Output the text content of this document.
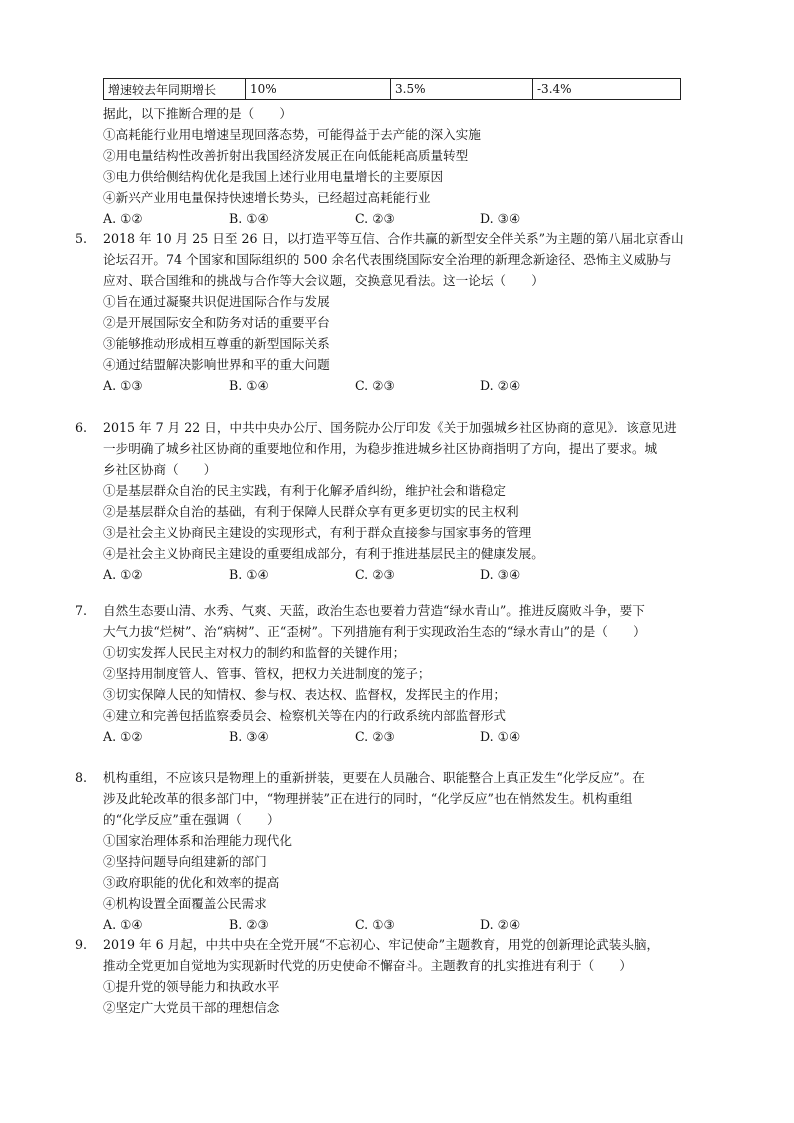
增速较去年同期增长	10%	3.5%	-3.4%
据此，以下推断合理的是（　　）
①高耗能行业用电增速呈现回落态势，可能得益于去产能的深入实施
②用电量结构性改善折射出我国经济发展正在向低能耗高质量转型
③电力供给侧结构优化是我国上述行业用电量增长的主要原因
④新兴产业用电量保持快速增长势头，已经超过高耗能行业
A. ①②	B. ①④	C. ②③	D. ③④
5. 2018 年 10 月 25 日至 26 日，以打造平等互信、合作共赢的新型安全伴关系”为主题的第八届北京香山
论坛召开。74 个国家和国际组织的 500 余名代表围绕国际安全治理的新理念新途径、恐怖主义威胁与
应对、联合国维和的挑战与合作等大会议题，交换意见看法。这一论坛（　　）
①旨在通过凝聚共识促进国际合作与发展
②是开展国际安全和防务对话的重要平台
③能够推动形成相互尊重的新型国际关系
④通过结盟解决影响世界和平的重大问题
A. ①③	B. ①④	C. ②③	D. ②④
6. 2015 年 7 月 22 日，中共中央办公厅、国务院办公厅印发《关于加强城乡社区协商的意见》．该意见进
一步明确了城乡社区协商的重要地位和作用，为稳步推进城乡社区协商指明了方向，提出了要求。城
乡社区协商（　　）
①是基层群众自治的民主实践，有利于化解矛盾纠纷，维护社会和谐稳定
②是基层群众自治的基础，有利于保障人民群众享有更多更切实的民主权利
③是社会主义协商民主建设的实现形式，有利于群众直接参与国家事务的管理
④是社会主义协商民主建设的重要组成部分，有利于推进基层民主的健康发展。
A. ①②	B. ①④	C. ②③	D. ③④
7. 自然生态要山清、水秀、气爽、天蓝，政治生态也要着力营造“绿水青山”。推进反腐败斗争，要下
大气力拔“烂树”、治“病树”、正“歪树”。下列措施有利于实现政治生态的“绿水青山”的是（　　）
①切实发挥人民民主对权力的制约和监督的关键作用；
②坚持用制度管人、管事、管权，把权力关进制度的笼子；
③切实保障人民的知情权、参与权、表达权、监督权，发挥民主的作用；
④建立和完善包括监察委员会、检察机关等在内的行政系统内部监督形式
A. ①②	B. ③④	C. ②③	D. ①④
8. 机构重组，不应该只是物理上的重新拼装，更要在人员融合、职能整合上真正发生“化学反应”。在
涉及此轮改革的很多部门中，“物理拼装”正在进行的同时，“化学反应”也在悄然发生。机构重组
的“化学反应”重在强调（　　）
①国家治理体系和治理能力现代化
②坚持问题导向组建新的部门
③政府职能的优化和效率的提高
④机构设置全面覆盖公民需求
A. ①④	B. ②③	C. ①③	D. ②④
9. 2019 年 6 月起，中共中央在全党开展“不忘初心、牢记使命”主题教育，用党的创新理论武装头脑，
推动全党更加自觉地为实现新时代党的历史使命不懈奋斗。主题教育的扎实推进有利于（　　）
①提升党的领导能力和执政水平
②坚定广大党员干部的理想信念
